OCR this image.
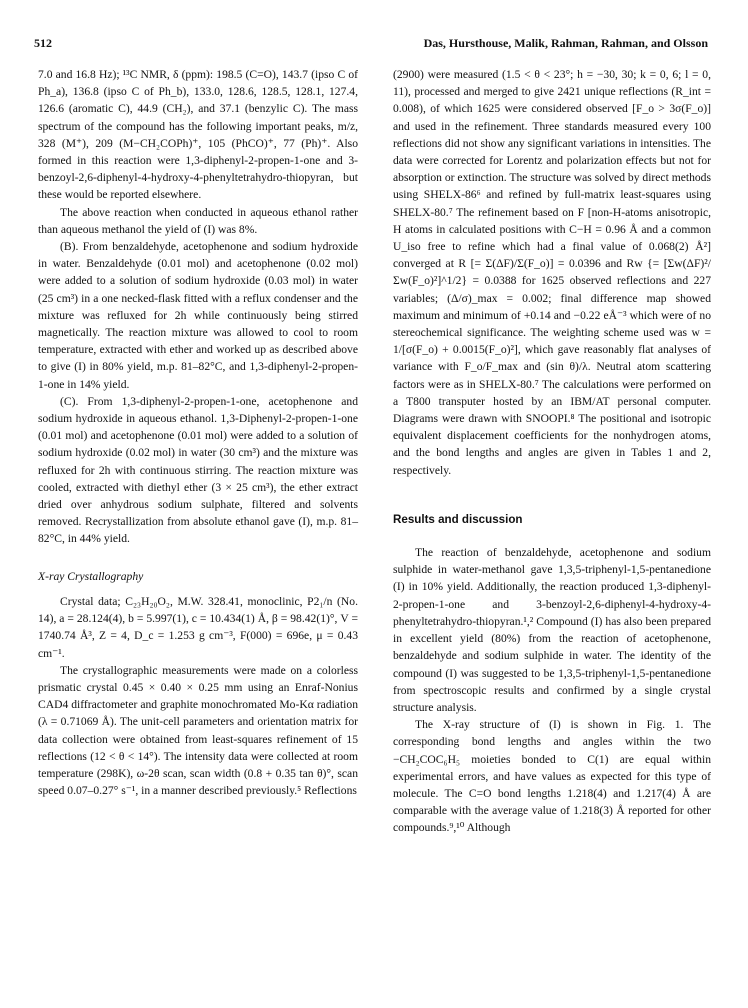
512	Das, Hursthouse, Malik, Rahman, Rahman, and Olsson

7.0 and 16.8 Hz); ¹³C NMR, δ (ppm): 198.5 (C=O), 143.7 (ipso C of Ph_a), 136.8 (ipso C of Ph_b), 133.0, 128.6, 128.5, 128.1, 127.4, 126.6 (aromatic C), 44.9 (CH₂), and 37.1 (benzylic C). The mass spectrum of the compound has the following important peaks, m/z, 328 (M⁺), 209 (M−CH₂COPh)⁺, 105 (PhCO)⁺, 77 (Ph)⁺. Also formed in this reaction were 1,3-diphenyl-2-propen-1-one and 3-benzoyl-2,6-diphenyl-4-hydroxy-4-phenyltetrahydro-thiopyran, but these would be reported elsewhere.

The above reaction when conducted in aqueous ethanol rather than aqueous methanol the yield of (I) was 8%.

(B). From benzaldehyde, acetophenone and sodium hydroxide in water. Benzaldehyde (0.01 mol) and acetophenone (0.02 mol) were added to a solution of sodium hydroxide (0.03 mol) in water (25 cm³) in a one necked-flask fitted with a reflux condenser and the mixture was refluxed for 2h while continuously being stirred magnetically. The reaction mixture was allowed to cool to room temperature, extracted with ether and worked up as described above to give (I) in 80% yield, m.p. 81–82°C, and 1,3-diphenyl-2-propen-1-one in 14% yield.

(C). From 1,3-diphenyl-2-propen-1-one, acetophenone and sodium hydroxide in aqueous ethanol. 1,3-Diphenyl-2-propen-1-one (0.01 mol) and acetophenone (0.01 mol) were added to a solution of sodium hydroxide (0.02 mol) in water (30 cm³) and the mixture was refluxed for 2h with continuous stirring. The reaction mixture was cooled, extracted with diethyl ether (3 × 25 cm³), the ether extract dried over anhydrous sodium sulphate, filtered and solvents removed. Recrystallization from absolute ethanol gave (I), m.p. 81–82°C, in 44% yield.

X-ray Crystallography

Crystal data; C₂₃H₂₀O₂, M.W. 328.41, monoclinic, P2₁/n (No. 14), a = 28.124(4), b = 5.997(1), c = 10.434(1) Å, β = 98.42(1)°, V = 1740.74 Å³, Z = 4, D_c = 1.253 g cm⁻³, F(000) = 696e, μ = 0.43 cm⁻¹.

The crystallographic measurements were made on a colorless prismatic crystal 0.45 × 0.40 × 0.25 mm using an Enraf-Nonius CAD4 diffractometer and graphite monochromated Mo-Kα radiation (λ = 0.71069 Å). The unit-cell parameters and orientation matrix for data collection were obtained from least-squares refinement of 15 reflections (12 < θ < 14°). The intensity data were collected at room temperature (298K), ω-2θ scan, scan width (0.8 + 0.35 tan θ)°, scan speed 0.07–0.27° s⁻¹, in a manner described previously.⁵ Reflections

(2900) were measured (1.5 < θ < 23°; h = −30, 30; k = 0, 6; l = 0, 11), processed and merged to give 2421 unique reflections (R_int = 0.008), of which 1625 were considered observed [F_o > 3σ(F_o)] and used in the refinement. Three standards measured every 100 reflections did not show any significant variations in intensities. The data were corrected for Lorentz and polarization effects but not for absorption or extinction. The structure was solved by direct methods using SHELX-86⁶ and refined by full-matrix least-squares using SHELX-80.⁷ The refinement based on F [non-H-atoms anisotropic, H atoms in calculated positions with C−H = 0.96 Å and a common U_iso free to refine which had a final value of 0.068(2) Å²] converged at R [= Σ(ΔF)/Σ(F_o)] = 0.0396 and Rw {= [Σw(ΔF)²/Σw(F_o)²]^1/2} = 0.0388 for 1625 observed reflections and 227 variables; (Δ/σ)_max = 0.002; final difference map showed maximum and minimum of +0.14 and −0.22 eÅ⁻³ which were of no stereochemical significance. The weighting scheme used was w = 1/[σ(F_o) + 0.0015(F_o)²], which gave reasonably flat analyses of variance with F_o/F_max and (sin θ)/λ. Neutral atom scattering factors were as in SHELX-80.⁷ The calculations were performed on a T800 transputer hosted by an IBM/AT personal computer. Diagrams were drawn with SNOOPI.⁸ The positional and isotropic equivalent displacement coefficients for the nonhydrogen atoms, and the bond lengths and angles are given in Tables 1 and 2, respectively.

Results and discussion

The reaction of benzaldehyde, acetophenone and sodium sulphide in water-methanol gave 1,3,5-triphenyl-1,5-pentanedione (I) in 10% yield. Additionally, the reaction produced 1,3-diphenyl-2-propen-1-one and 3-benzoyl-2,6-diphenyl-4-hydroxy-4-phenyltetrahydro-thiopyran.¹,² Compound (I) has also been prepared in excellent yield (80%) from the reaction of acetophenone, benzaldehyde and sodium sulphide in water. The identity of the compound (I) was suggested to be 1,3,5-triphenyl-1,5-pentanedione from spectroscopic results and confirmed by a single crystal structure analysis.

The X-ray structure of (I) is shown in Fig. 1. The corresponding bond lengths and angles within the two −CH₂COC₆H₅ moieties bonded to C(1) are equal within experimental errors, and have values as expected for this type of molecule. The C=O bond lengths 1.218(4) and 1.217(4) Å are comparable with the average value of 1.218(3) Å reported for other compounds.⁹,¹⁰ Although
